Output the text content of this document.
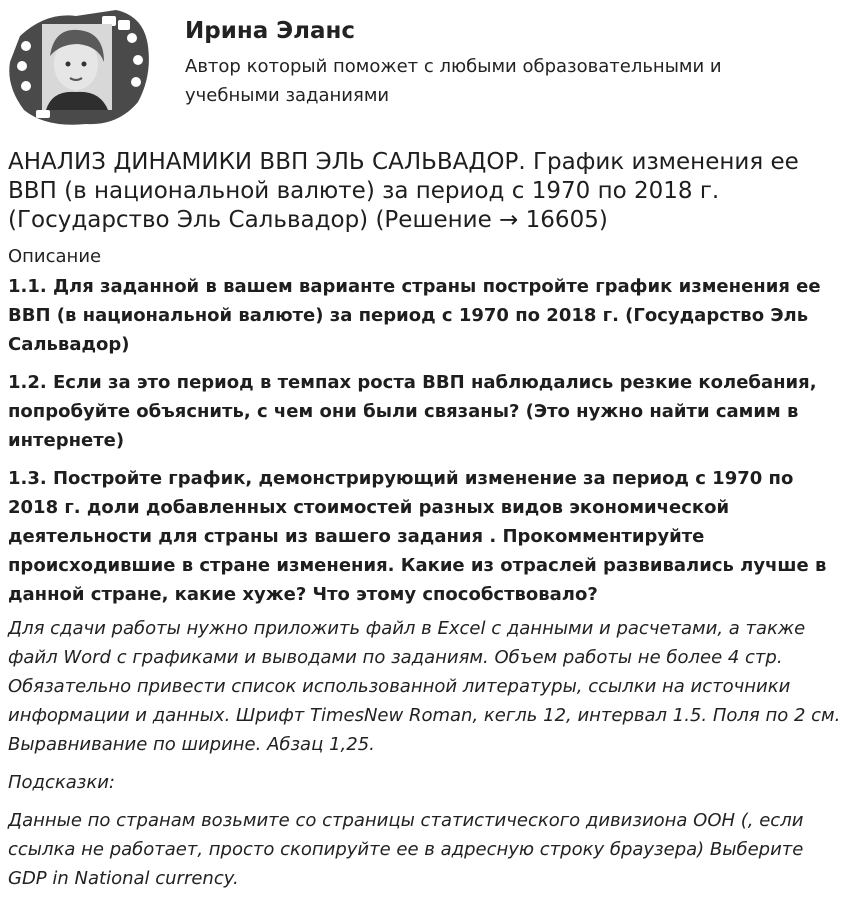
Ирина Эланс
Автор который поможет с любыми образовательными и учебными заданиями
АНАЛИЗ ДИНАМИКИ ВВП ЭЛЬ САЛЬВАДОР. График изменения ее ВВП (в национальной валюте) за период с 1970 по 2018 г. (Государство Эль Сальвадор) (Решение → 16605)
Описание

1.1. Для заданной в вашем варианте страны постройте график изменения ее ВВП (в национальной валюте) за период с 1970 по 2018 г. (Государство Эль Сальвадор)

1.2. Если за это период в темпах роста ВВП наблюдались резкие колебания, попробуйте объяснить, с чем они были связаны? (Это нужно найти самим в интернете)

1.3. Постройте график, демонстрирующий изменение за период с 1970 по 2018 г. доли добавленных стоимостей разных видов экономической деятельности для страны из вашего задания . Прокомментируйте происходившие в стране изменения. Какие из отраслей развивались лучше в данной стране, какие хуже? Что этому способствовало?

Для сдачи работы нужно приложить файл в Excel с данными и расчетами, а также файл Word с графиками и выводами по заданиям. Объем работы не более 4 стр. Обязательно привести список использованной литературы, ссылки на источники информации и данных. Шрифт TimesNew Roman, кегль 12, интервал 1.5. Поля по 2 см. Выравнивание по ширине. Абзац 1,25.

Подсказки:

Данные по странам возьмите со страницы статистического дивизиона ООН (, если ссылка не работает, просто скопируйте ее в адресную строку браузера) Выберите GDP in National currency.
